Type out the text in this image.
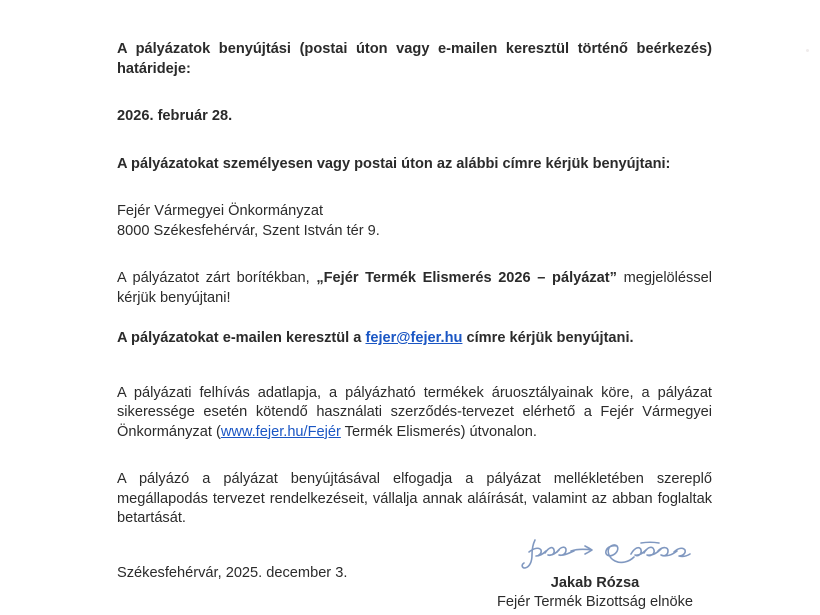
A pályázatok benyújtási (postai úton vagy e-mailen keresztül történő beérkezés) határideje:

2026. február 28.

A pályázatokat személyesen vagy postai úton az alábbi címre kérjük benyújtani:

Fejér Vármegyei Önkormányzat

8000 Székesfehérvár, Szent István tér 9.

A pályázatot zárt borítékban, „Fejér Termék Elismerés 2026 – pályázat” megjelöléssel kérjük benyújtani!

A pályázatokat e-mailen keresztül a fejer@fejer.hu címre kérjük benyújtani.

A pályázati felhívás adatlapja, a pályázható termékek áruosztályainak köre, a pályázat sikeressége esetén kötendő használati szerződés-tervezet elérhető a Fejér Vármegyei Önkormányzat (www.fejer.hu/Fejér Termék Elismerés) útvonalon.

A pályázó a pályázat benyújtásával elfogadja a pályázat mellékletében szereplő megállapodás tervezet rendelkezéseit, vállalja annak aláírását, valamint az abban foglaltak betartását.

Székesfehérvár, 2025. december 3.

Jakab Rózsa
Fejér Termék Bizottság elnöke
